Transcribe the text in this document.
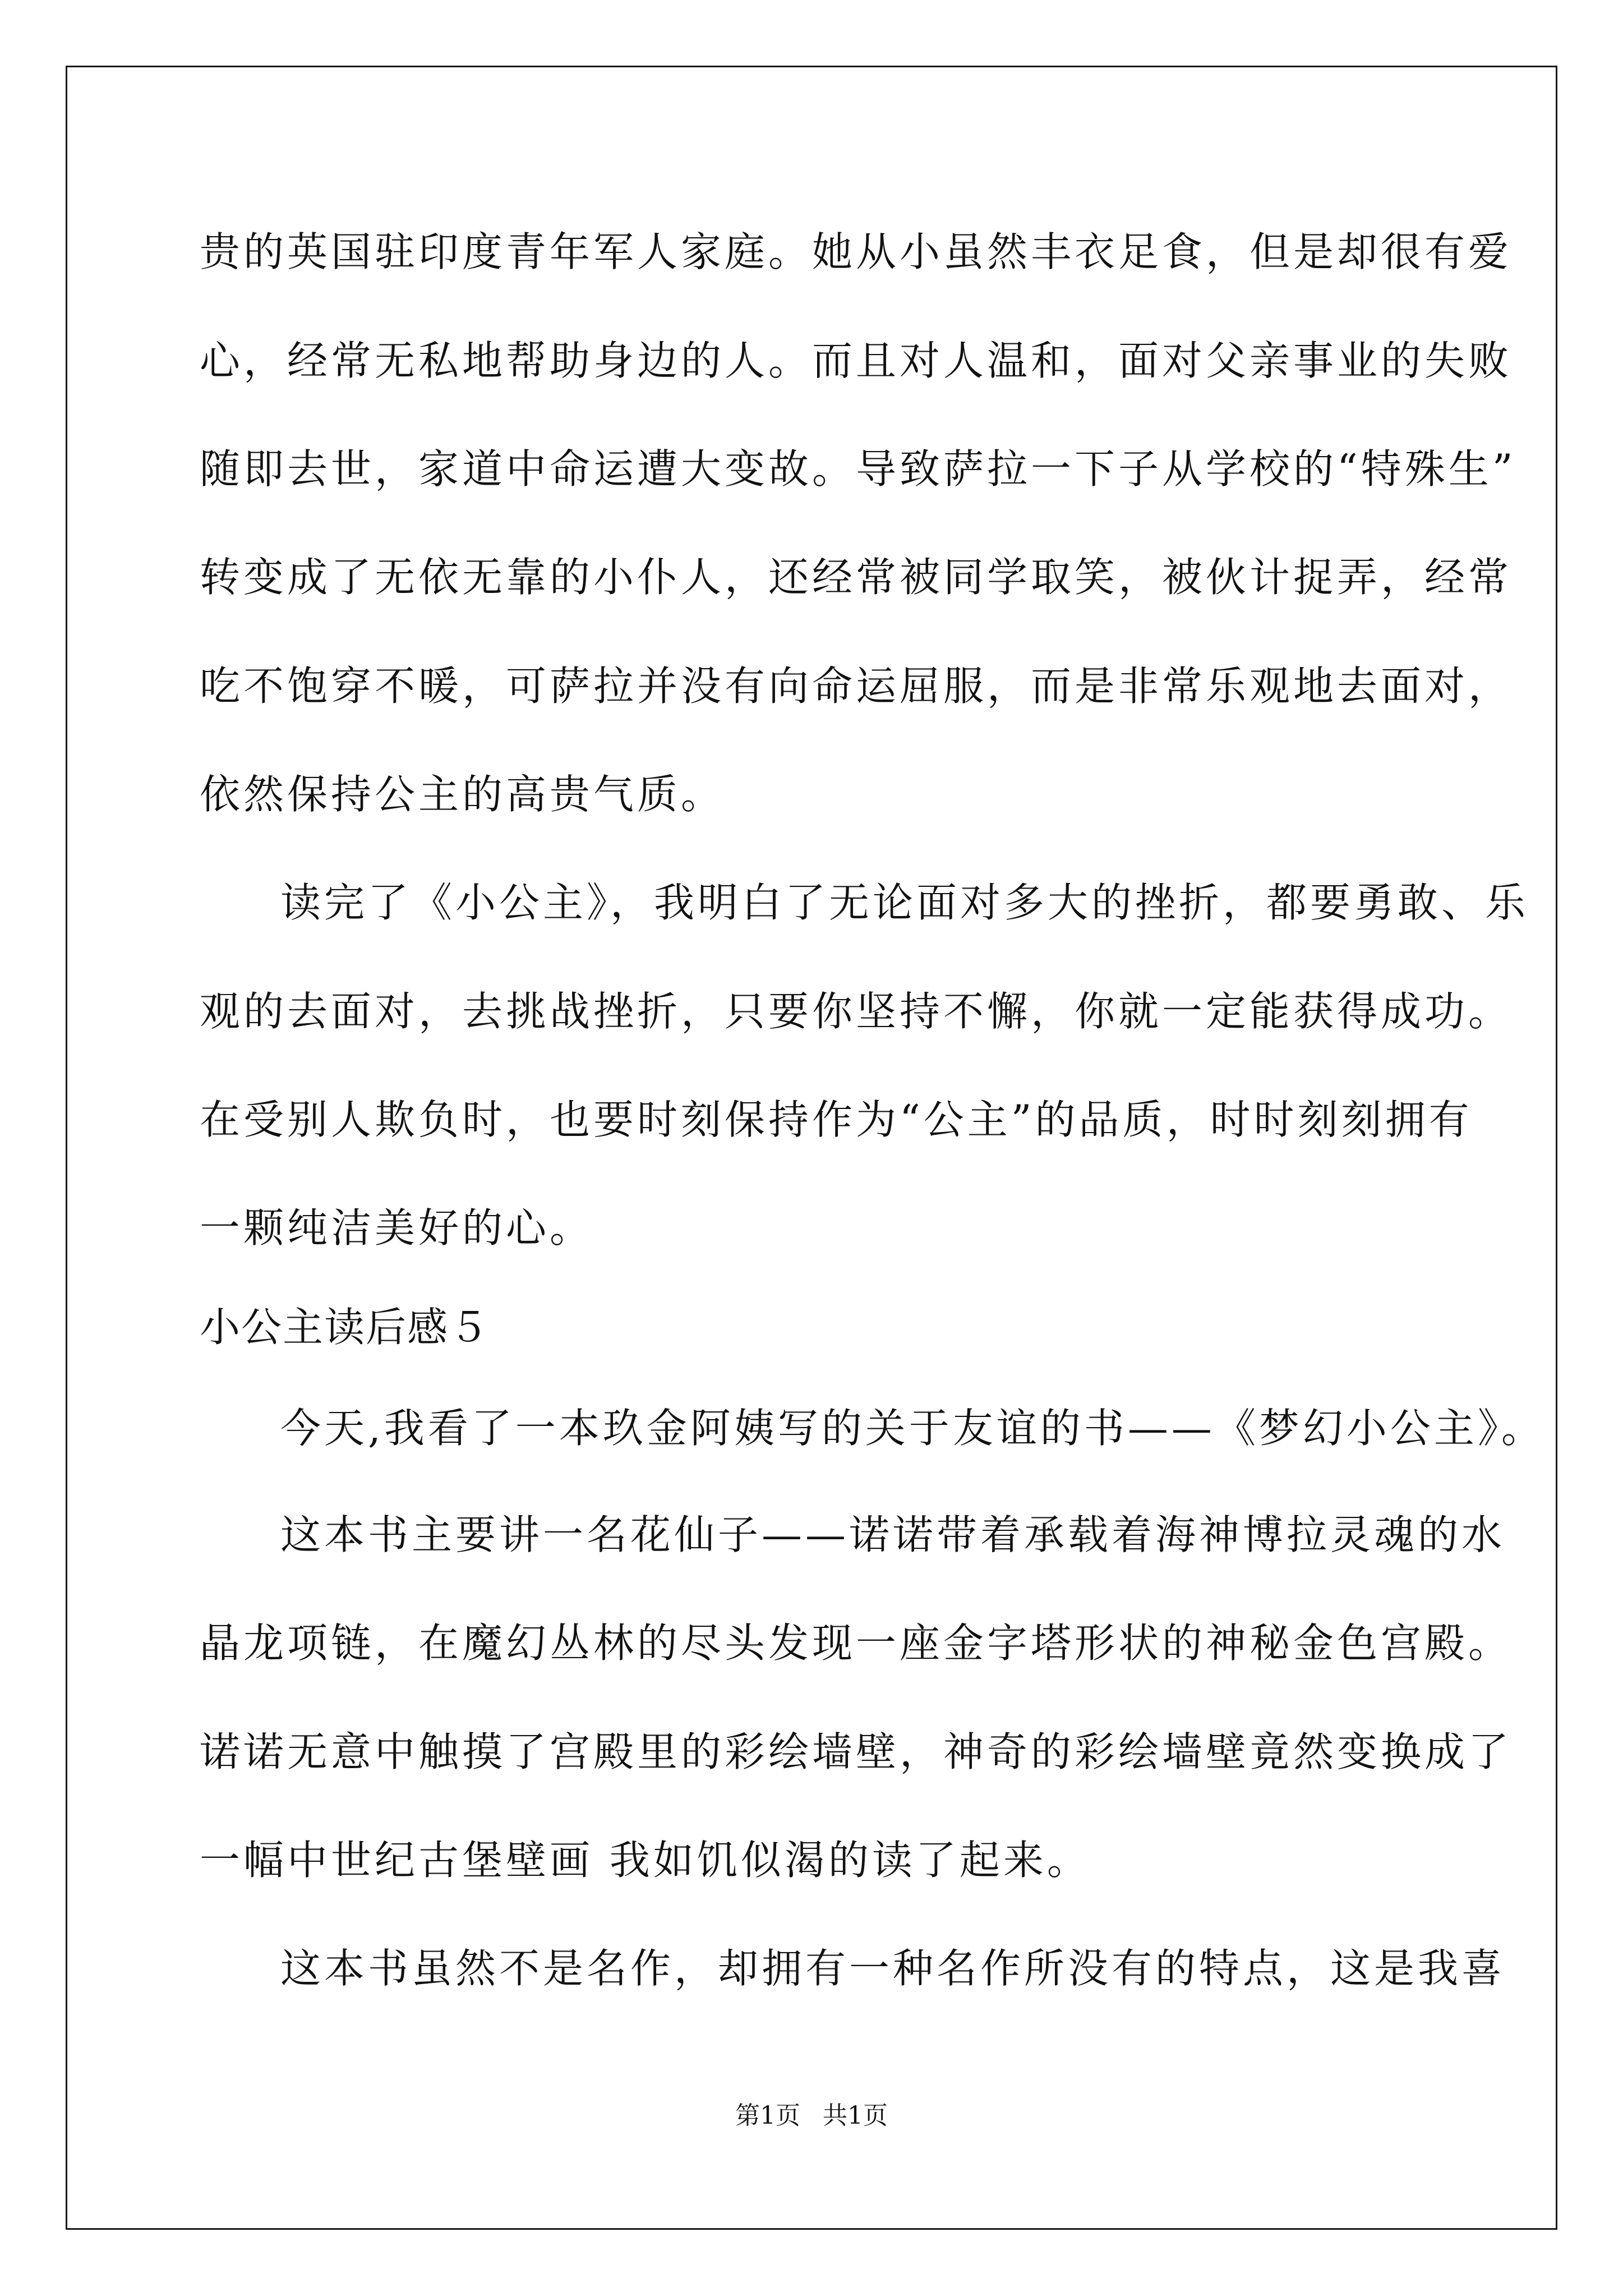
贵的英国驻印度青年军人家庭。她从小虽然丰衣足食，但是却很有爱
心，经常无私地帮助身边的人。而且对人温和，面对父亲事业的失败
随即去世，家道中命运遭大变故。导致萨拉一下子从学校的“特殊生”
转变成了无依无靠的小仆人，还经常被同学取笑，被伙计捉弄，经常
吃不饱穿不暖，可萨拉并没有向命运屈服，而是非常乐观地去面对，
依然保持公主的高贵气质。
读完了《小公主》，我明白了无论面对多大的挫折，都要勇敢、乐
观的去面对，去挑战挫折，只要你坚持不懈，你就一定能获得成功。
在受别人欺负时，也要时刻保持作为“公主”的品质，时时刻刻拥有
一颗纯洁美好的心。
小公主读后感５
今天,我看了一本玖金阿姨写的关于友谊的书——《梦幻小公主》。
这本书主要讲一名花仙子——诺诺带着承载着海神博拉灵魂的水
晶龙项链，在魔幻丛林的尽头发现一座金字塔形状的神秘金色宫殿。
诺诺无意中触摸了宫殿里的彩绘墙壁，神奇的彩绘墙壁竟然变换成了
一幅中世纪古堡壁画 我如饥似渴的读了起来。
这本书虽然不是名作，却拥有一种名作所没有的特点，这是我喜
第1页 共1页
